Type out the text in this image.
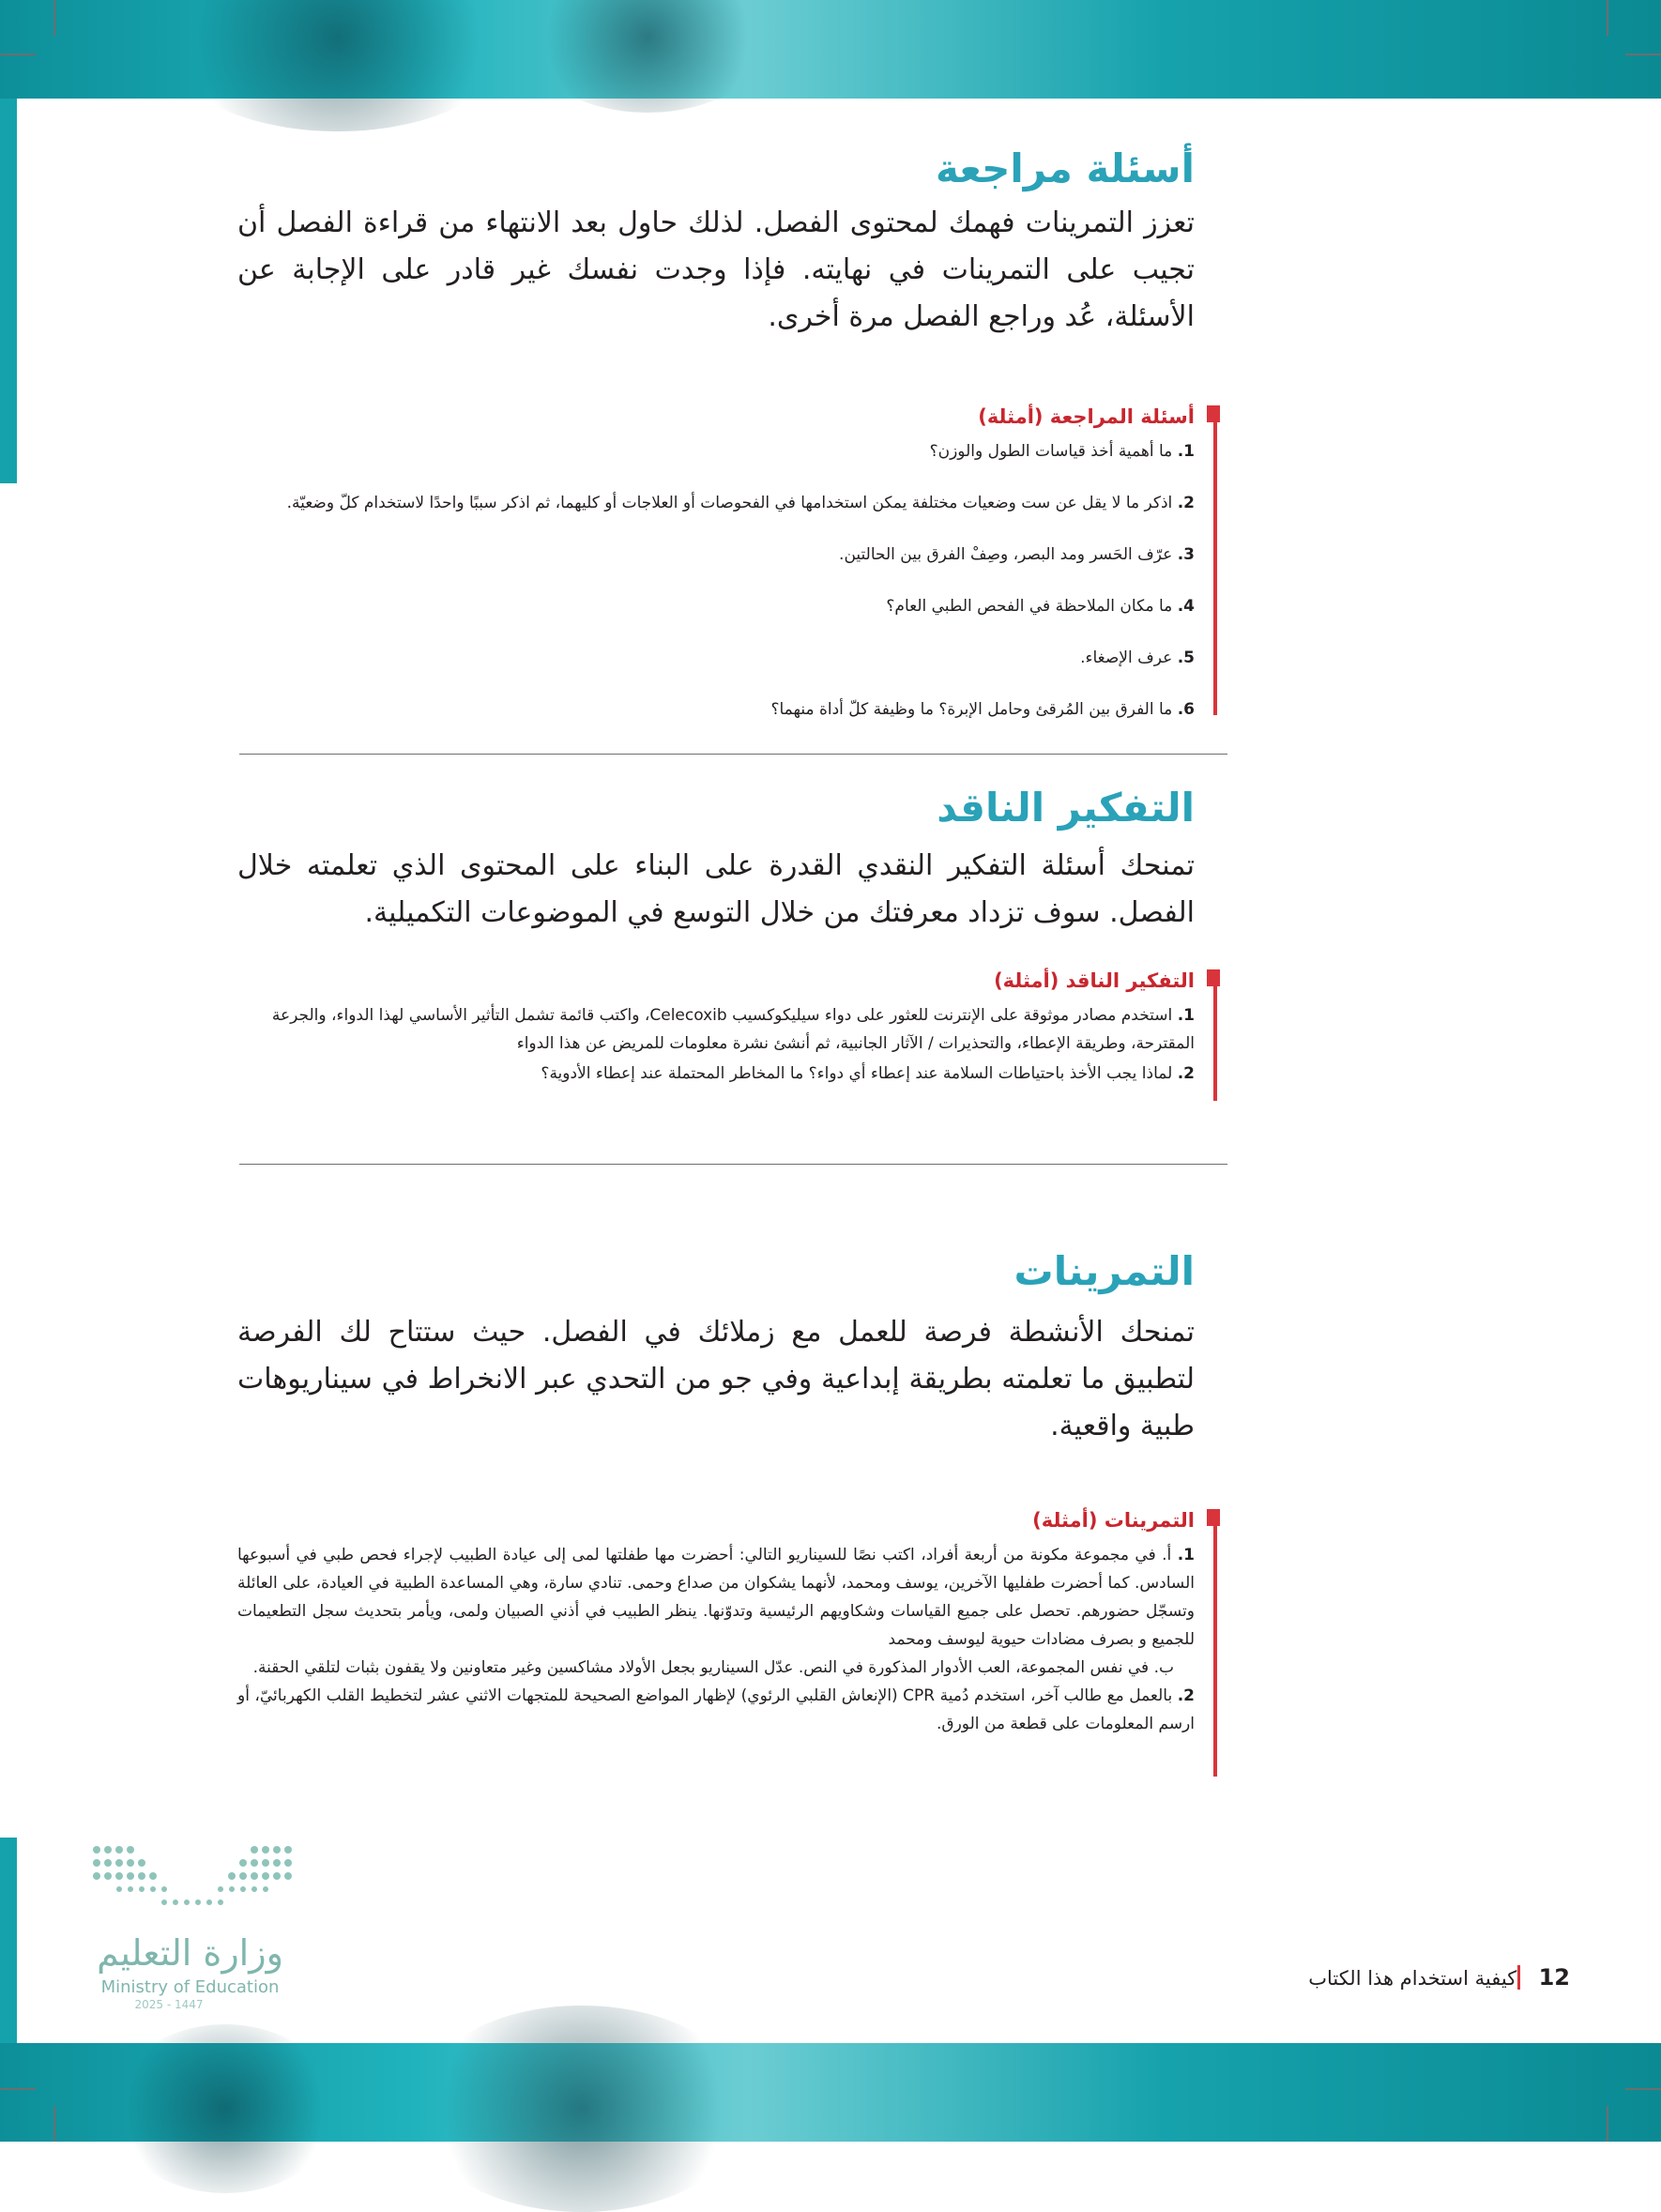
أسئلة مراجعة

تعزز التمرينات فهمك لمحتوى الفصل. لذلك حاول بعد الانتهاء من قراءة الفصل أن تجيب على التمرينات في نهايته. فإذا وجدت نفسك غير قادر على الإجابة عن الأسئلة، عُد وراجع الفصل مرة أخرى.

أسئلة المراجعة (أمثلة)

1. ما أهمية أخذ قياسات الطول والوزن؟

2. اذكر ما لا يقل عن ست وضعيات مختلفة يمكن استخدامها في الفحوصات أو العلاجات أو كليهما، ثم اذكر سببًا واحدًا لاستخدام كلّ وضعيّة.

3. عرّف الحَسر ومد البصر، وصِفْ الفرق بين الحالتين.

4. ما مكان الملاحظة في الفحص الطبي العام؟

5. عرف الإصغاء.

6. ما الفرق بين المُرقئ وحامل الإبرة؟ ما وظيفة كلّ أداة منهما؟

التفكير الناقد

تمنحك أسئلة التفكير النقدي القدرة على البناء على المحتوى الذي تعلمته خلال الفصل. سوف تزداد معرفتك من خلال التوسع في الموضوعات التكميلية.

التفكير الناقد (أمثلة)

1. استخدم مصادر موثوقة على الإنترنت للعثور على دواء سيليكوكسيب Celecoxib، واكتب قائمة تشمل التأثير الأساسي لهذا الدواء، والجرعة المقترحة، وطريقة الإعطاء، والتحذيرات / الآثار الجانبية، ثم أنشئ نشرة معلومات للمريض عن هذا الدواء

2. لماذا يجب الأخذ باحتياطات السلامة عند إعطاء أي دواء؟ ما المخاطر المحتملة عند إعطاء الأدوية؟

التمرينات

تمنحك الأنشطة فرصة للعمل مع زملائك في الفصل. حيث ستتاح لك الفرصة لتطبيق ما تعلمته بطريقة إبداعية وفي جو من التحدي عبر الانخراط في سيناريوهات طبية واقعية.

التمرينات (أمثلة)

1. أ. في مجموعة مكونة من أربعة أفراد، اكتب نصًا للسيناريو التالي: أحضرت مها طفلتها لمى إلى عيادة الطبيب لإجراء فحص طبي في أسبوعها السادس. كما أحضرت طفليها الآخرين، يوسف ومحمد، لأنهما يشكوان من صداع وحمى. تنادي سارة، وهي المساعدة الطبية في العيادة، على العائلة وتسجّل حضورهم. تحصل على جميع القياسات وشكاويهم الرئيسية وتدوّنها. ينظر الطبيب في أذني الصبيان ولمى، ويأمر بتحديث سجل التطعيمات للجميع و بصرف مضادات حيوية ليوسف ومحمد

ب. في نفس المجموعة، العب الأدوار المذكورة في النص. عدّل السيناريو بجعل الأولاد مشاكسين وغير متعاونين ولا يقفون بثبات لتلقي الحقنة.

2. بالعمل مع طالب آخر، استخدم دُمية CPR (الإنعاش القلبي الرئوي) لإظهار المواضع الصحيحة للمتجهات الاثني عشر لتخطيط القلب الكهربائيّ، أو ارسم المعلومات على قطعة من الورق.

وزارة التعليم
Ministry of Education
2025 - 1447
12  كيفية استخدام هذا الكتاب
